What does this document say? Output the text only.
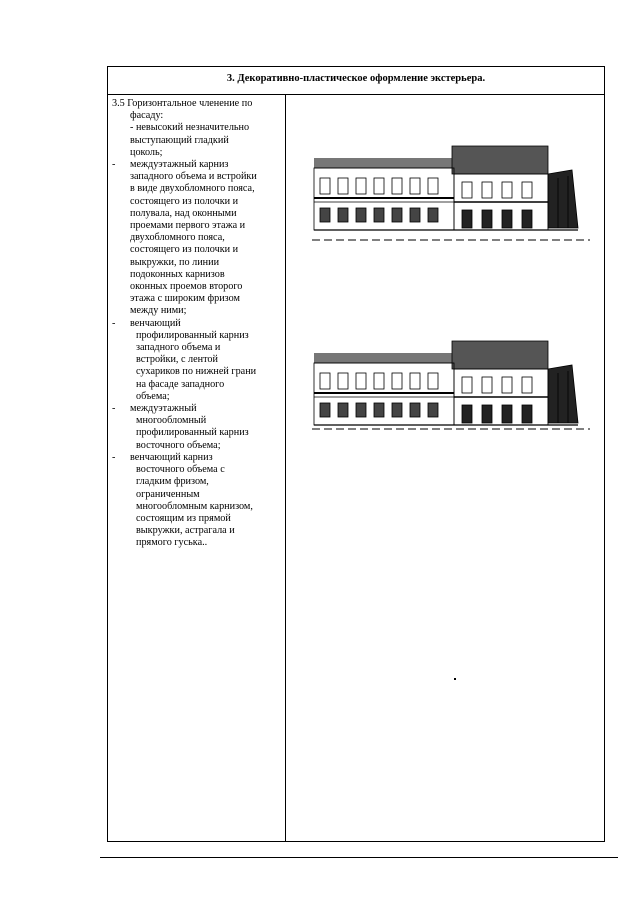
3. Декоративно-пластическое оформление экстерьера.

3.5 Горизонтальное членение по

фасаду:

- невысокий незначительно

выступающий гладкий

цоколь;

- междуэтажный карниз

западного объема и встройки

в виде двухобломного пояса,

состоящего из полочки и

полувала, над оконными

проемами первого этажа и

двухобломного пояса,

состоящего из полочки и

выкружки, по линии

подоконных карнизов

оконных проемов второго

этажа с широким фризом

между ними;

- венчающий

профилированный карниз

западного объема и

встройки, с лентой

сухариков по нижней грани

на фасаде западного

объема;

- междуэтажный

многообломный

профилированный карниз

восточного объема;

- венчающий карниз

восточного объема с

гладким фризом,

ограниченным

многообломным карнизом,

состоящим из прямой

выкружки, астрагала и

прямого гуська..
